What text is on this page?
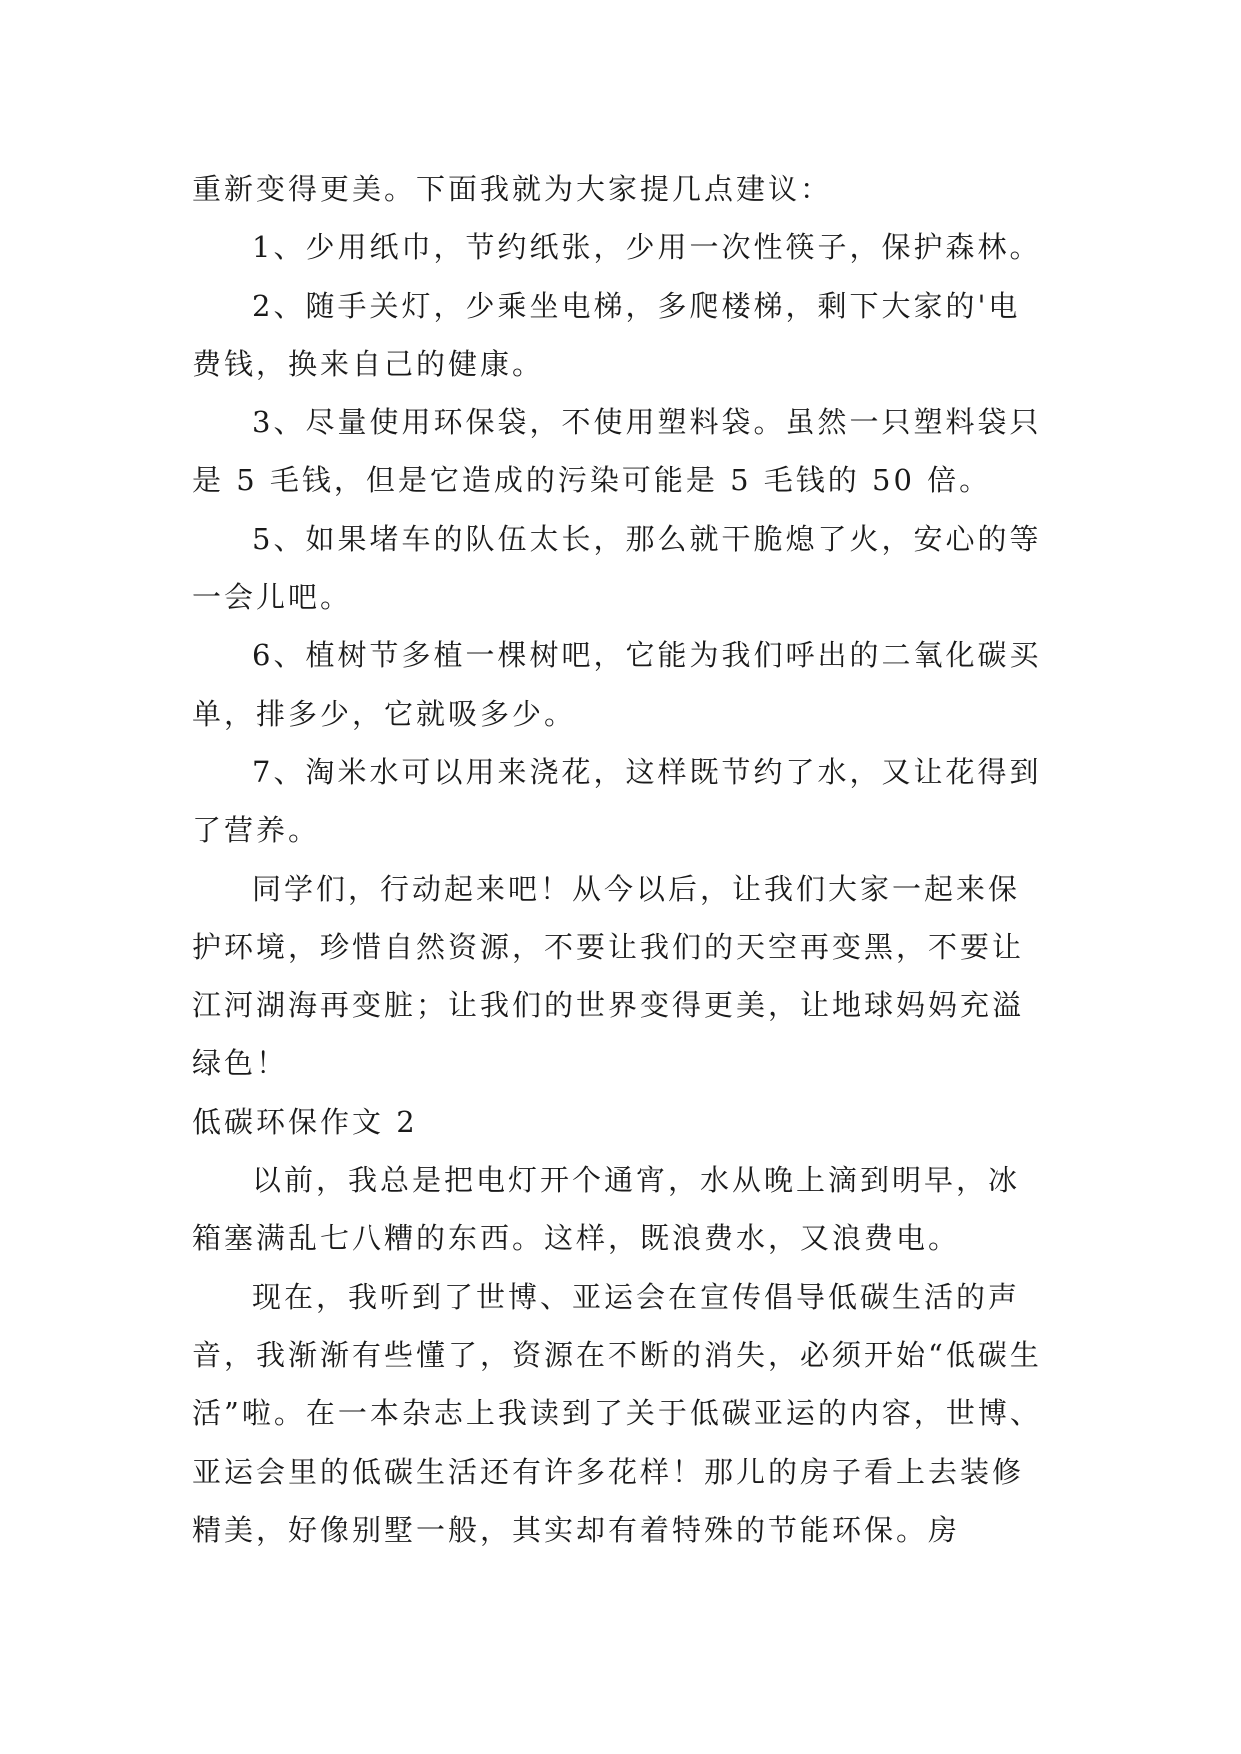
重新变得更美。下面我就为大家提几点建议：

1、少用纸巾，节约纸张，少用一次性筷子，保护森林。

2、随手关灯，少乘坐电梯，多爬楼梯，剩下大家的'电费钱，换来自己的健康。

3、尽量使用环保袋，不使用塑料袋。虽然一只塑料袋只是 5 毛钱，但是它造成的污染可能是 5 毛钱的 50 倍。

5、如果堵车的队伍太长，那么就干脆熄了火，安心的等一会儿吧。

6、植树节多植一棵树吧，它能为我们呼出的二氧化碳买单，排多少，它就吸多少。

7、淘米水可以用来浇花，这样既节约了水，又让花得到了营养。

同学们，行动起来吧！从今以后，让我们大家一起来保护环境，珍惜自然资源，不要让我们的天空再变黑，不要让江河湖海再变脏；让我们的世界变得更美，让地球妈妈充溢绿色！

低碳环保作文 2

以前，我总是把电灯开个通宵，水从晚上滴到明早，冰箱塞满乱七八糟的东西。这样，既浪费水，又浪费电。

现在，我听到了世博、亚运会在宣传倡导低碳生活的声音，我渐渐有些懂了，资源在不断的消失，必须开始“低碳生活”啦。在一本杂志上我读到了关于低碳亚运的内容，世博、亚运会里的低碳生活还有许多花样！那儿的房子看上去装修精美，好像别墅一般，其实却有着特殊的节能环保。房
